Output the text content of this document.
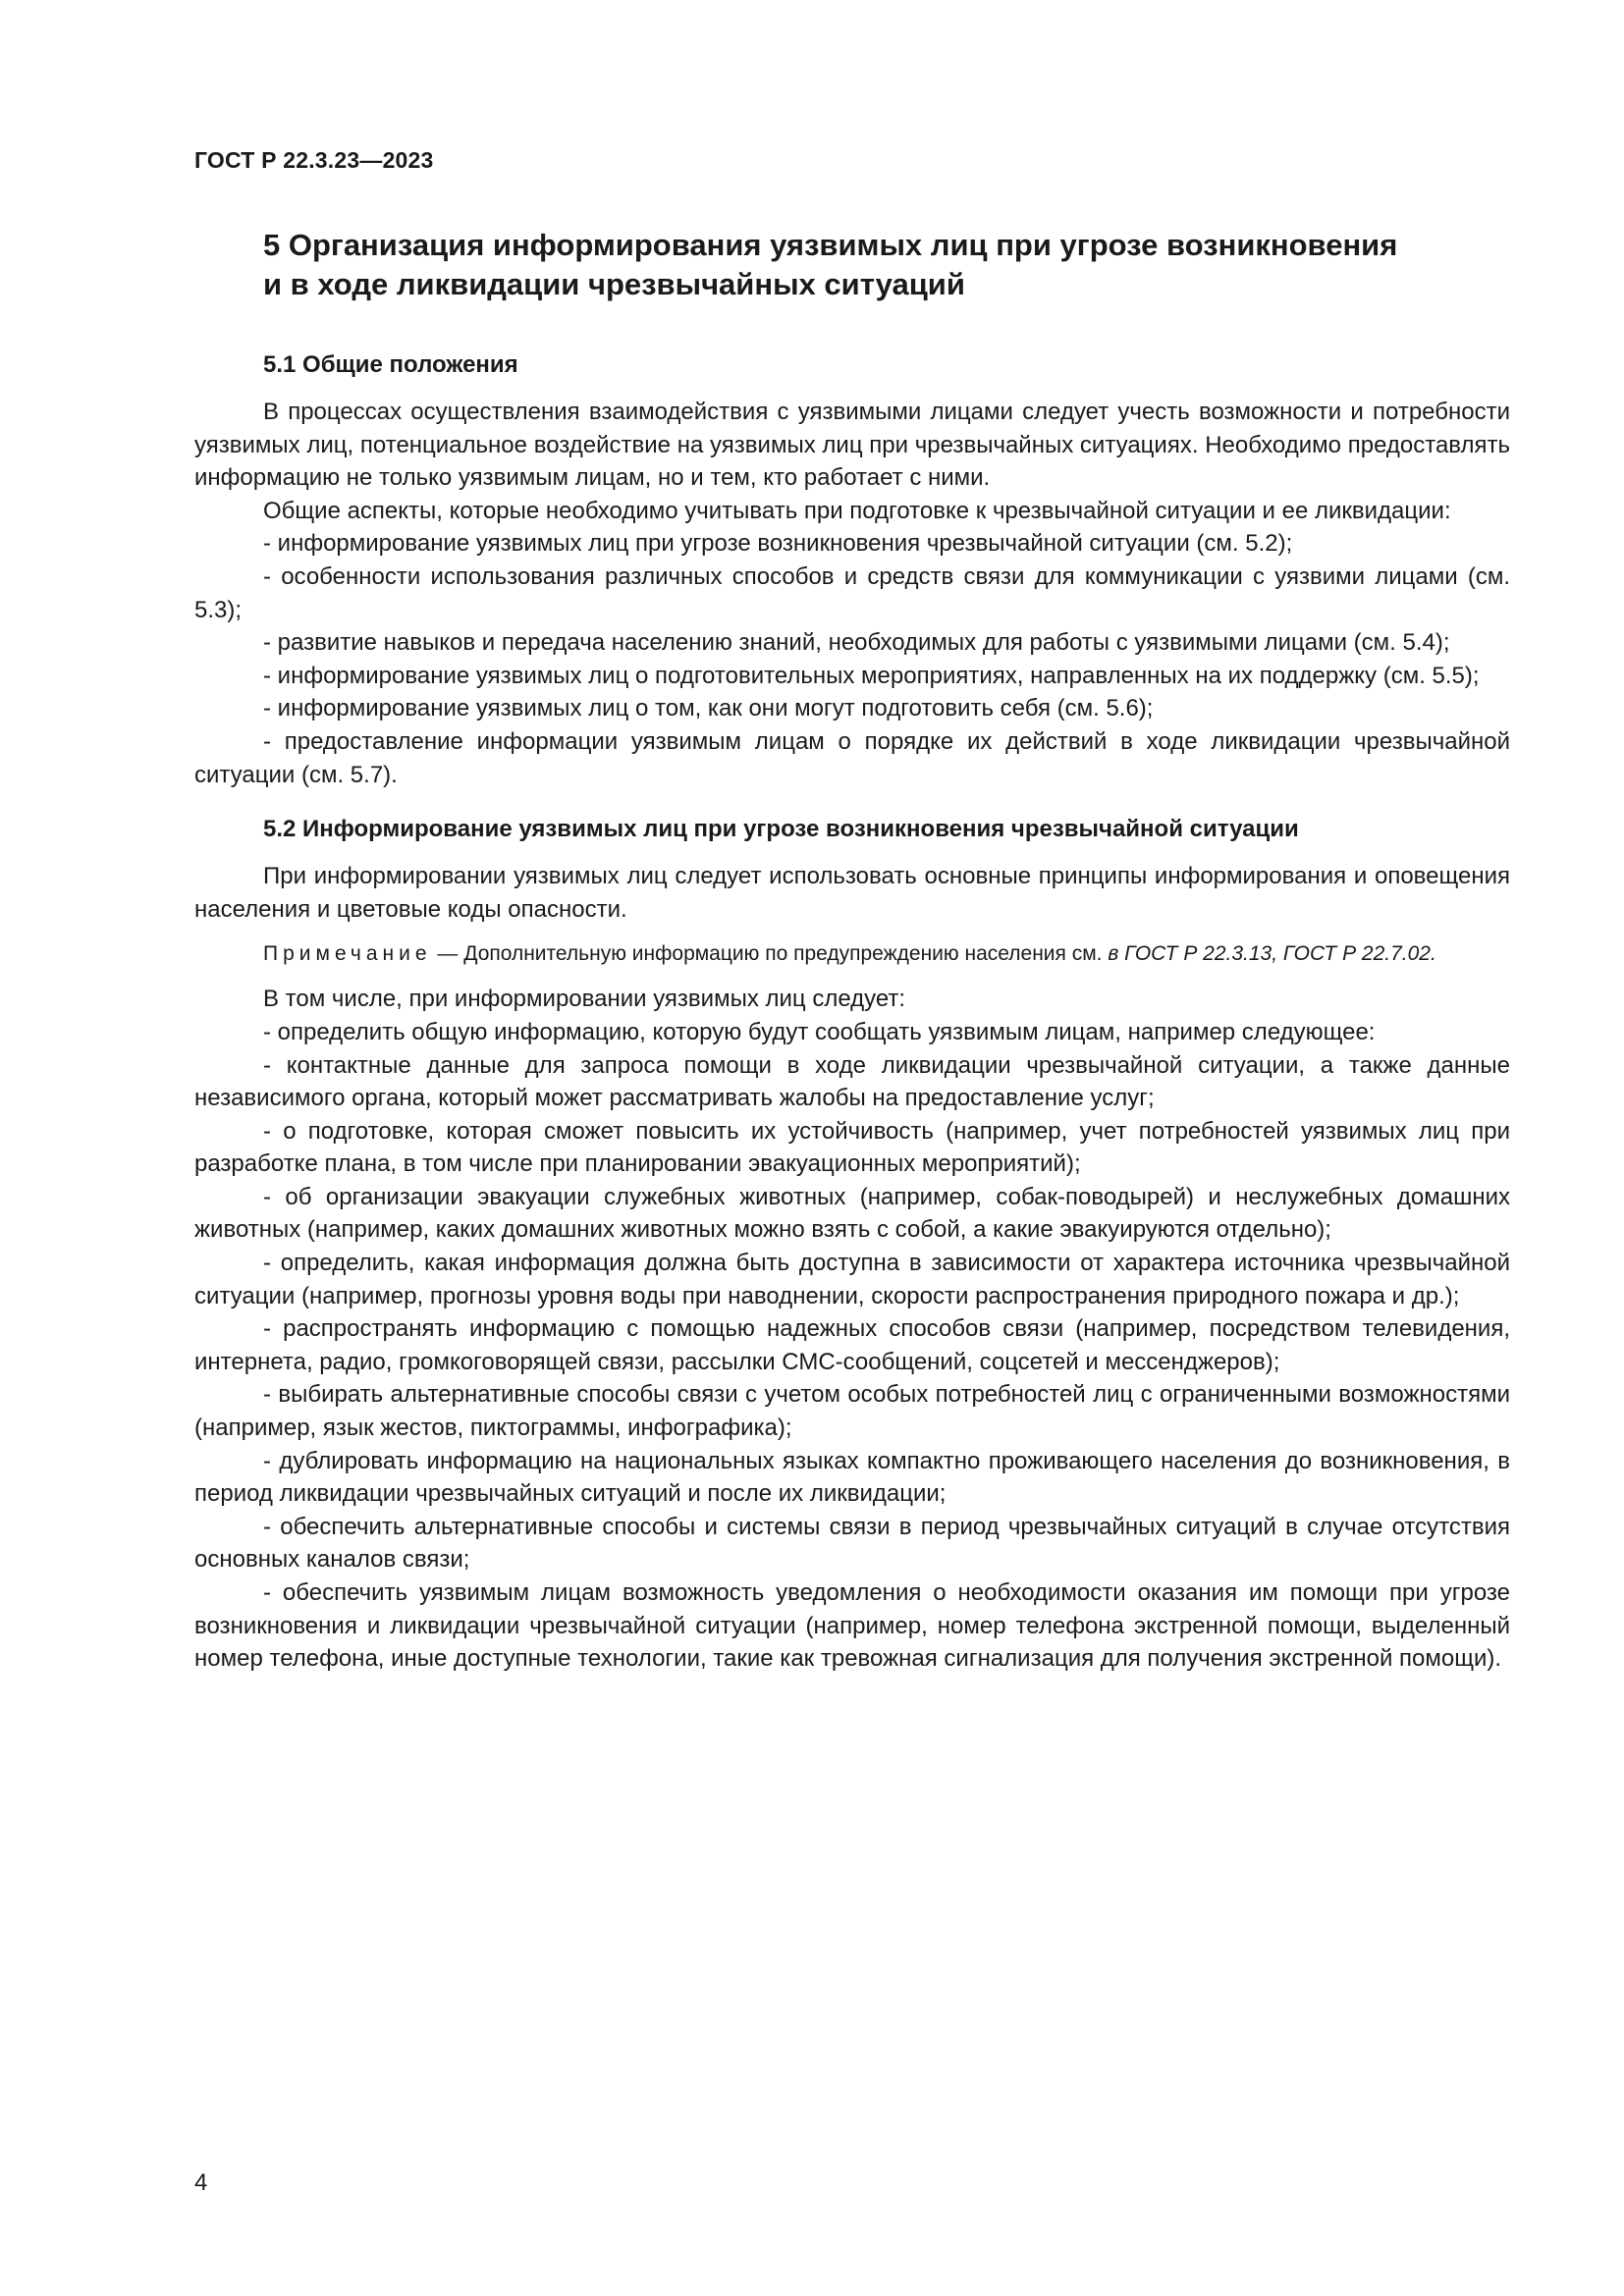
ГОСТ Р 22.3.23—2023
5 Организация информирования уязвимых лиц при угрозе возникновения
и в ходе ликвидации чрезвычайных ситуаций
5.1 Общие положения

В процессах осуществления взаимодействия с уязвимыми лицами следует учесть возможности и потребности уязвимых лиц, потенциальное воздействие на уязвимых лиц при чрезвычайных ситуациях. Необходимо предоставлять информацию не только уязвимым лицам, но и тем, кто работает с ними.

Общие аспекты, которые необходимо учитывать при подготовке к чрезвычайной ситуации и ее ликвидации:

- информирование уязвимых лиц при угрозе возникновения чрезвычайной ситуации (см. 5.2);

- особенности использования различных способов и средств связи для коммуникации с уязвими лицами (см. 5.3);

- развитие навыков и передача населению знаний, необходимых для работы с уязвимыми лицами (см. 5.4);

- информирование уязвимых лиц о подготовительных мероприятиях, направленных на их поддержку (см. 5.5);

- информирование уязвимых лиц о том, как они могут подготовить себя (см. 5.6);

- предоставление информации уязвимым лицам о порядке их действий в ходе ликвидации чрезвычайной ситуации (см. 5.7).

5.2 Информирование уязвимых лиц при угрозе возникновения чрезвычайной ситуации

При информировании уязвимых лиц следует использовать основные принципы информирования и оповещения населения и цветовые коды опасности.

Примечание — Дополнительную информацию по предупреждению населения см. в ГОСТ Р 22.3.13, ГОСТ Р 22.7.02.

В том числе, при информировании уязвимых лиц следует:

- определить общую информацию, которую будут сообщать уязвимым лицам, например следующее:

- контактные данные для запроса помощи в ходе ликвидации чрезвычайной ситуации, а также данные независимого органа, который может рассматривать жалобы на предоставление услуг;

- о подготовке, которая сможет повысить их устойчивость (например, учет потребностей уязвимых лиц при разработке плана, в том числе при планировании эвакуационных мероприятий);

- об организации эвакуации служебных животных (например, собак-поводырей) и неслужебных домашних животных (например, каких домашних животных можно взять с собой, а какие эвакуируются отдельно);

- определить, какая информация должна быть доступна в зависимости от характера источника чрезвычайной ситуации (например, прогнозы уровня воды при наводнении, скорости распространения природного пожара и др.);

- распространять информацию с помощью надежных способов связи (например, посредством телевидения, интернета, радио, громкоговорящей связи, рассылки СМС-сообщений, соцсетей и мессенджеров);

- выбирать альтернативные способы связи с учетом особых потребностей лиц с ограниченными возможностями (например, язык жестов, пиктограммы, инфографика);

- дублировать информацию на национальных языках компактно проживающего населения до возникновения, в период ликвидации чрезвычайных ситуаций и после их ликвидации;

- обеспечить альтернативные способы и системы связи в период чрезвычайных ситуаций в случае отсутствия основных каналов связи;

- обеспечить уязвимым лицам возможность уведомления о необходимости оказания им помощи при угрозе возникновения и ликвидации чрезвычайной ситуации (например, номер телефона экстренной помощи, выделенный номер телефона, иные доступные технологии, такие как тревожная сигнализация для получения экстренной помощи).

4
